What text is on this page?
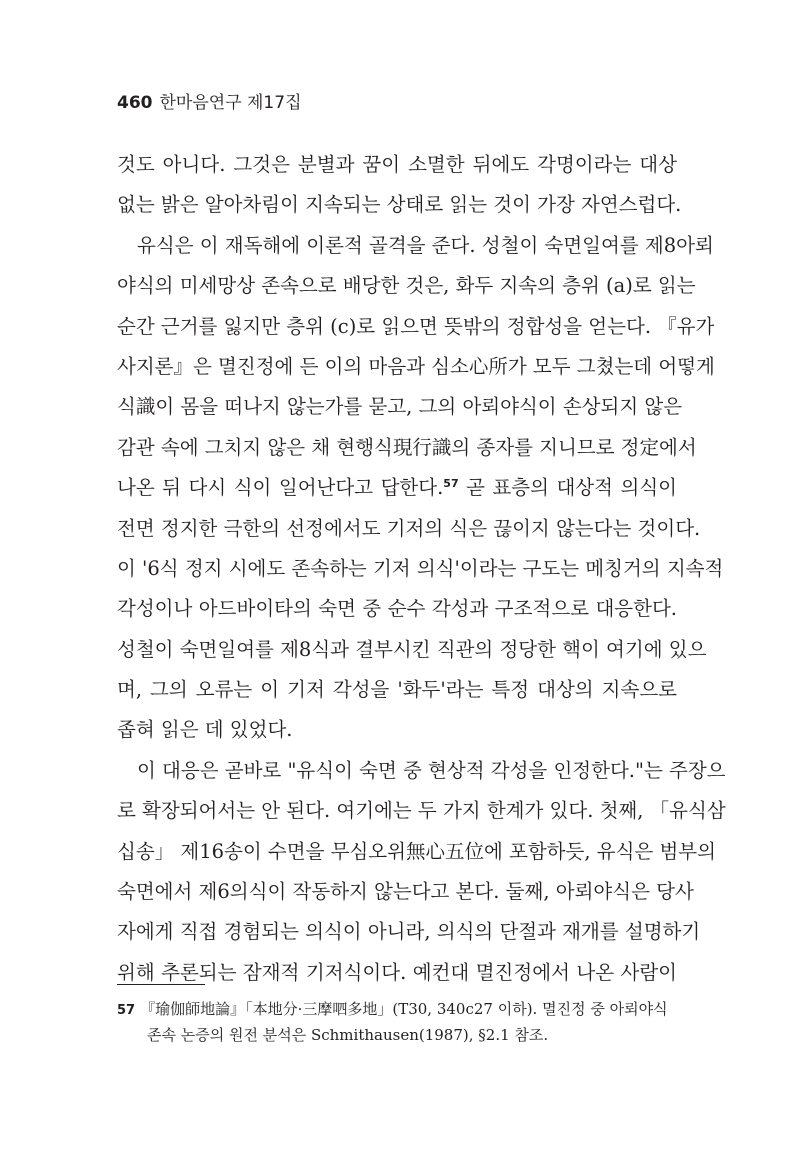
460 한마음연구 제17집
것도 아니다. 그것은 분별과 꿈이 소멸한 뒤에도 각명이라는 대상
없는 밝은 알아차림이 지속되는 상태로 읽는 것이 가장 자연스럽다.
유식은 이 재독해에 이론적 골격을 준다. 성철이 숙면일여를 제8아뢰
야식의 미세망상 존속으로 배당한 것은, 화두 지속의 층위 (a)로 읽는
순간 근거를 잃지만 층위 (c)로 읽으면 뜻밖의 정합성을 얻는다. 『유가
사지론』은 멸진정에 든 이의 마음과 심소心所가 모두 그쳤는데 어떻게
식識이 몸을 떠나지 않는가를 묻고, 그의 아뢰야식이 손상되지 않은
감관 속에 그치지 않은 채 현행식現行識의 종자를 지니므로 정定에서
나온 뒤 다시 식이 일어난다고 답한다.$^{57}$ 곧 표층의 대상적 의식이
전면 정지한 극한의 선정에서도 기저의 식은 끊이지 않는다는 것이다.
이 '6식 정지 시에도 존속하는 기저 의식'이라는 구도는 메칭거의 지속적
각성이나 아드바이타의 숙면 중 순수 각성과 구조적으로 대응한다.
성철이 숙면일여를 제8식과 결부시킨 직관의 정당한 핵이 여기에 있으
며, 그의 오류는 이 기저 각성을 '화두'라는 특정 대상의 지속으로
좁혀 읽은 데 있었다.
이 대응은 곧바로 "유식이 숙면 중 현상적 각성을 인정한다."는 주장으
로 확장되어서는 안 된다. 여기에는 두 가지 한계가 있다. 첫째, 「유식삼
십송」 제16송이 수면을 무심오위無心五位에 포함하듯, 유식은 범부의
숙면에서 제6의식이 작동하지 않는다고 본다. 둘째, 아뢰야식은 당사
자에게 직접 경험되는 의식이 아니라, 의식의 단절과 재개를 설명하기
위해 추론되는 잠재적 기저식이다. 예컨대 멸진정에서 나온 사람이
57 『瑜伽師地論』「本地分·三摩呬多地」(T30, 340c27 이하). 멸진정 중 아뢰야식
존속 논증의 원전 분석은 Schmithausen(1987), §2.1 참조.
